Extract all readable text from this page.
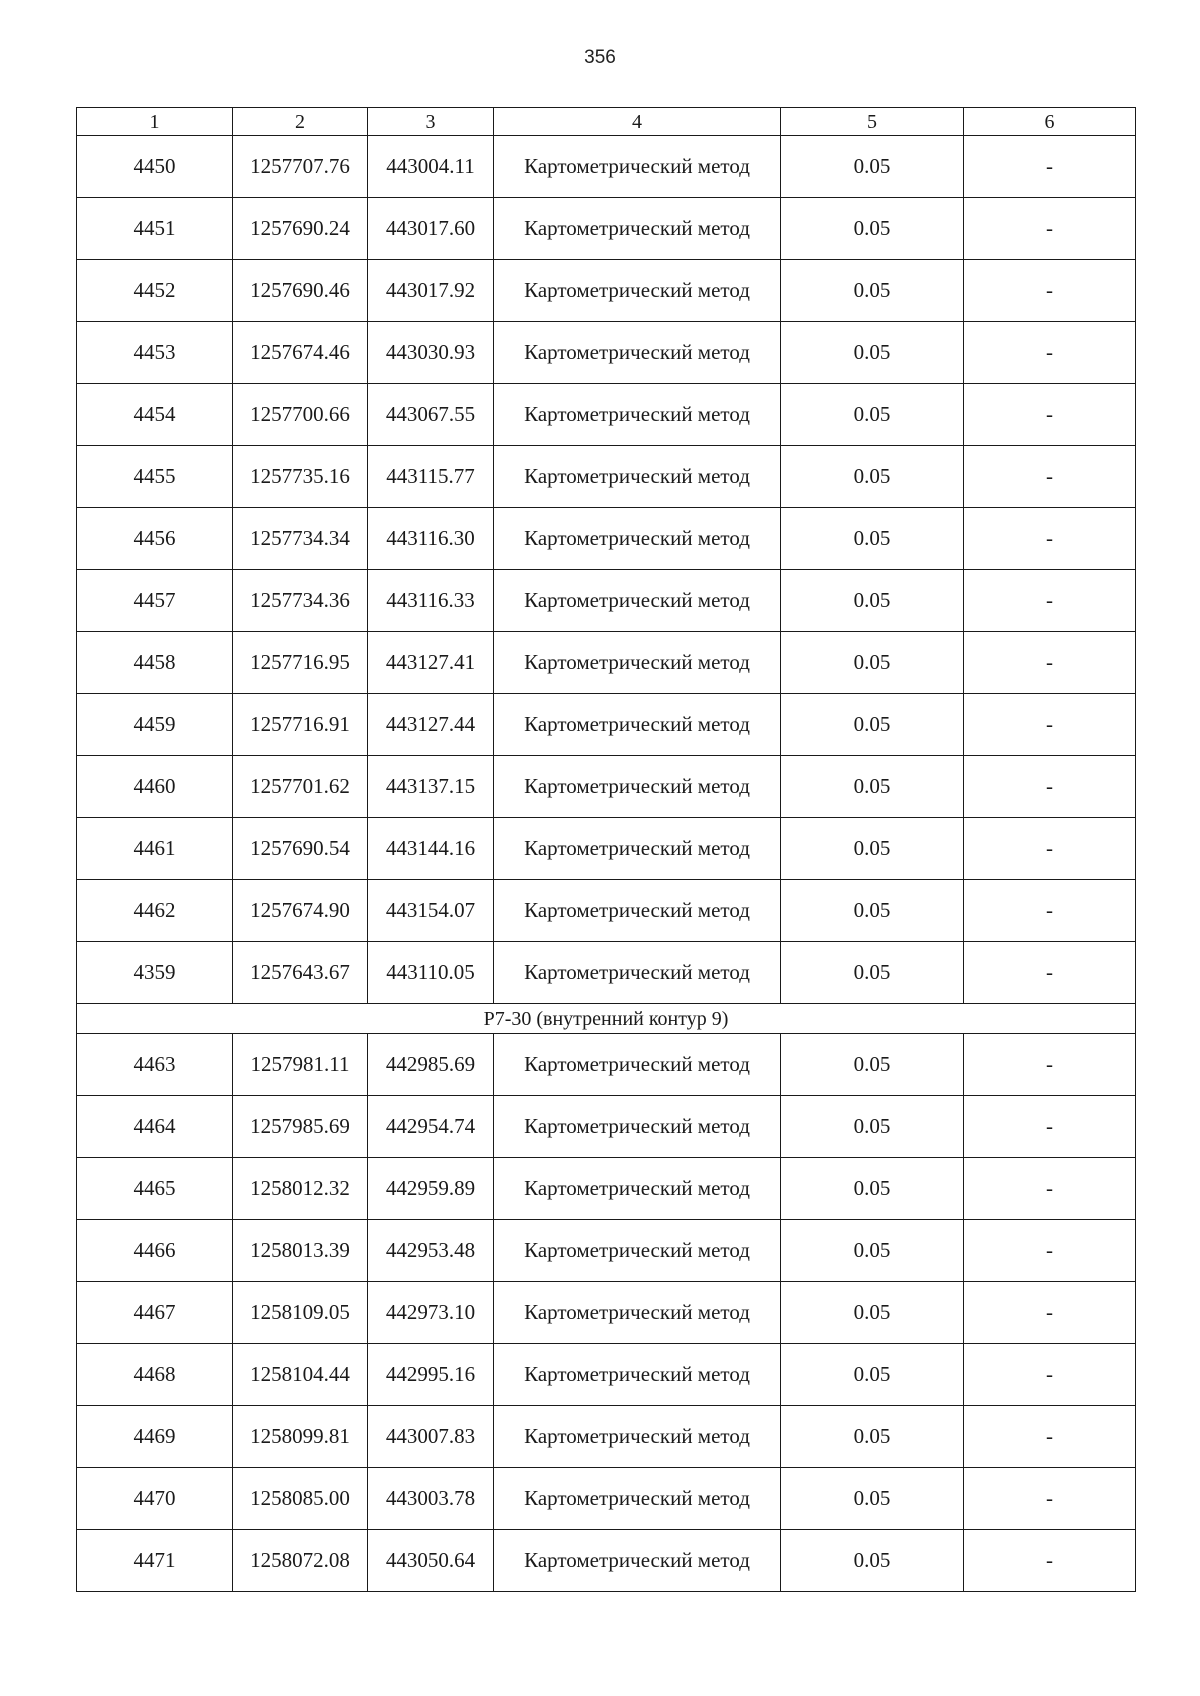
356
1	2	3	4	5	6
4450	1257707.76	443004.11	Картометрический метод	0.05	-
4451	1257690.24	443017.60	Картометрический метод	0.05	-
4452	1257690.46	443017.92	Картометрический метод	0.05	-
4453	1257674.46	443030.93	Картометрический метод	0.05	-
4454	1257700.66	443067.55	Картометрический метод	0.05	-
4455	1257735.16	443115.77	Картометрический метод	0.05	-
4456	1257734.34	443116.30	Картометрический метод	0.05	-
4457	1257734.36	443116.33	Картометрический метод	0.05	-
4458	1257716.95	443127.41	Картометрический метод	0.05	-
4459	1257716.91	443127.44	Картометрический метод	0.05	-
4460	1257701.62	443137.15	Картометрический метод	0.05	-
4461	1257690.54	443144.16	Картометрический метод	0.05	-
4462	1257674.90	443154.07	Картометрический метод	0.05	-
4359	1257643.67	443110.05	Картометрический метод	0.05	-
Р7-30 (внутренний контур 9)					
4463	1257981.11	442985.69	Картометрический метод	0.05	-
4464	1257985.69	442954.74	Картометрический метод	0.05	-
4465	1258012.32	442959.89	Картометрический метод	0.05	-
4466	1258013.39	442953.48	Картометрический метод	0.05	-
4467	1258109.05	442973.10	Картометрический метод	0.05	-
4468	1258104.44	442995.16	Картометрический метод	0.05	-
4469	1258099.81	443007.83	Картометрический метод	0.05	-
4470	1258085.00	443003.78	Картометрический метод	0.05	-
4471	1258072.08	443050.64	Картометрический метод	0.05	-
